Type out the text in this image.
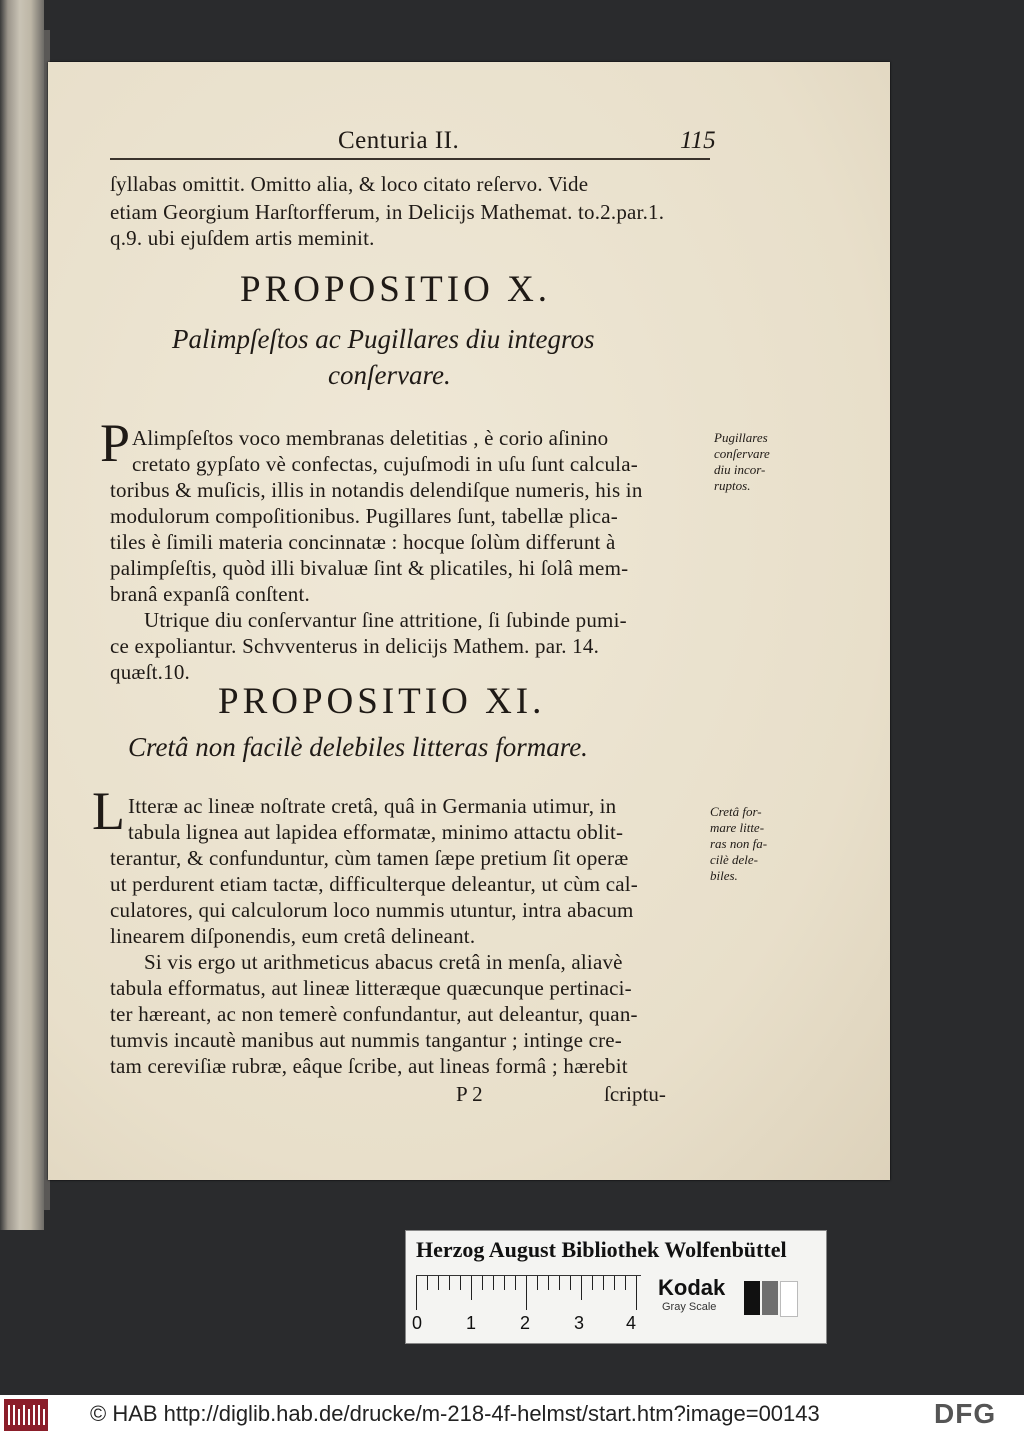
Centuria II.	115
ſyllabas omittit. Omitto alia, & loco citato reſervo. Vide
etiam Georgium Harſtorfferum, in Delicijs Mathemat. to.2.par.1.
q.9. ubi ejuſdem artis meminit.
PROPOSITIO X.
Palimpſeſtos ac Pugillares diu integros
conſervare.
P Alimpſeſtos voco membranas deletitias , è corio aſinino
cretato gypſato vè confectas, cujuſmodi in uſu ſunt calcula-
toribus & muſicis, illis in notandis delendiſque numeris, his in
modulorum compoſitionibus. Pugillares ſunt, tabellæ plica-
tiles è ſimili materia concinnatæ : hocque ſolùm differunt à
palimpſeſtis, quòd illi bivaluæ ſint & plicatiles, hi ſolâ mem-
branâ expanſâ conſtent.
Utrique diu conſervantur ſine attritione, ſi ſubinde pumi-
ce expoliantur. Schvventerus in delicijs Mathem. par. 14.
quæſt.10.
Pugillares conſervare diu incor-ruptos.
PROPOSITIO XI.
Cretâ non facilè delebiles litteras formare.
L Itteræ ac lineæ noſtrate cretâ, quâ in Germania utimur, in
tabula lignea aut lapidea efformatæ, minimo attactu oblit-
terantur, & confunduntur, cùm tamen ſæpe pretium ſit operæ
ut perdurent etiam tactæ, difficulterque deleantur, ut cùm cal-
culatores, qui calculorum loco nummis utuntur, intra abacum
linearem diſponendis, eum cretâ delineant.
Si vis ergo ut arithmeticus abacus cretâ in menſa, aliavè
tabula efformatus, aut lineæ litteræque quæcunque pertinaci-
ter hæreant, ac non temerè confundantur, aut deleantur, quan-
tumvis incautè manibus aut nummis tangantur ; intinge cre-
tam cereviſiæ rubræ, eâque ſcribe, aut lineas formâ ; hærebit
Cretâ for-mare litte-ras non fa-cilè dele-biles.
P 2	ſcriptu-
Herzog August Bibliothek Wolfenbüttel
0 1 2 3 4
Kodak
Gray Scale
© HAB http://diglib.hab.de/drucke/m-218-4f-helmst/start.htm?image=00143	DFG
